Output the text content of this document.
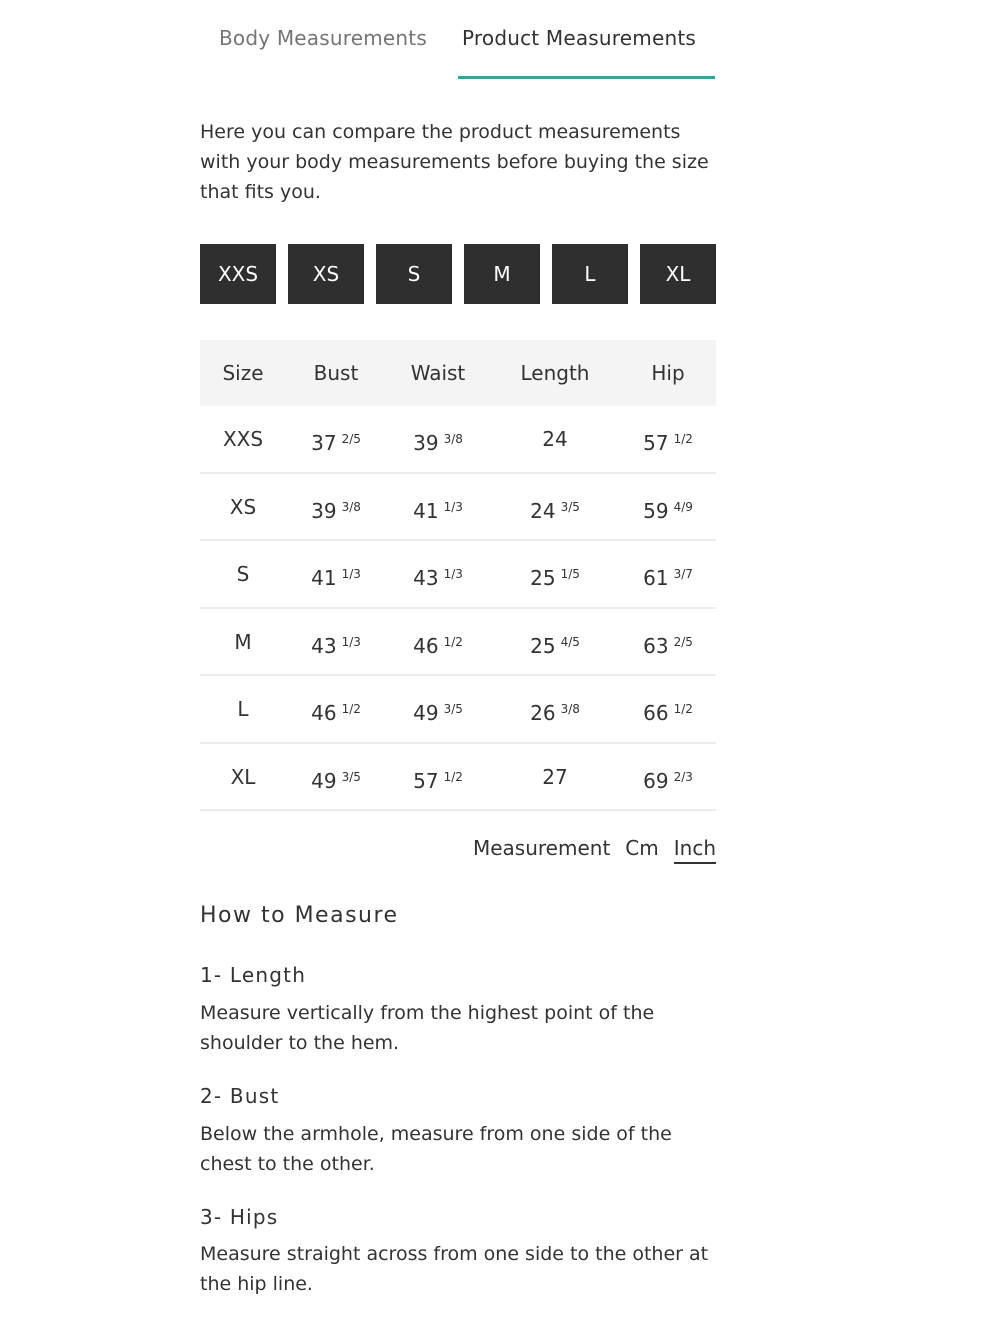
Body Measurements Product Measurements

Here you can compare the product measurements with your body measurements before buying the size that fits you.

XXS	XS	S	M	L	XL
Size	Bust	Waist	Length	Hip
XXS	37 $^{2/5}$	39 $^{3/8}$	24	57 $^{1/2}$
XS	39 $^{3/8}$	41 $^{1/3}$	24 $^{3/5}$	59 $^{4/9}$
S	41 $^{1/3}$	43 $^{1/3}$	25 $^{1/5}$	61 $^{3/7}$
M	43 $^{1/3}$	46 $^{1/2}$	25 $^{4/5}$	63 $^{2/5}$
L	46 $^{1/2}$	49 $^{3/5}$	26 $^{3/8}$	66 $^{1/2}$
XL	49 $^{3/5}$	57 $^{1/2}$	27	69 $^{2/3}$
Measurement Cm Inch
How to Measure
1- Length

Measure vertically from the highest point of the shoulder to the hem.

2- Bust

Below the armhole, measure from one side of the chest to the other.

3- Hips

Measure straight across from one side to the other at the hip line.
